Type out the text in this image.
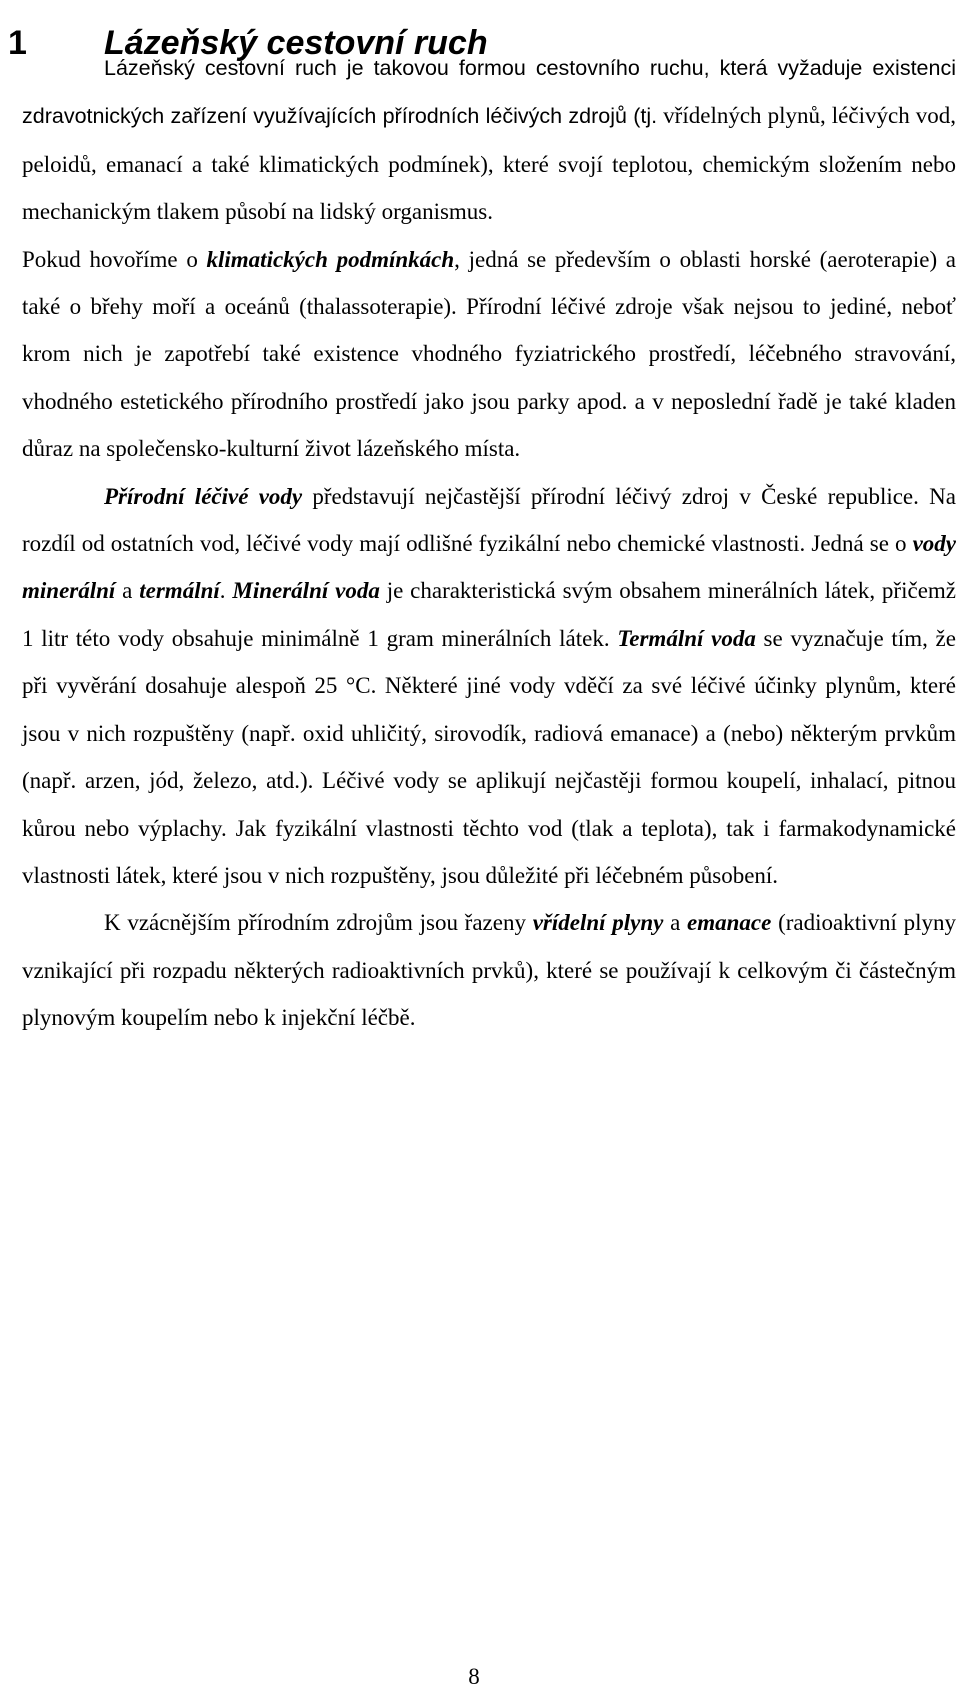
1 Lázeňský cestovní ruch

Lázeňský cestovní ruch je takovou formou cestovního ruchu, která vyžaduje existenci zdravotnických zařízení využívajících přírodních léčivých zdrojů (tj. vřídelných plynů, léčivých vod, peloidů, emanací a také klimatických podmínek), které svojí teplotou, chemickým složením nebo mechanickým tlakem působí na lidský organismus.

Pokud hovoříme o klimatických podmínkách, jedná se především o oblasti horské (aeroterapie) a také o břehy moří a oceánů (thalassoterapie). Přírodní léčivé zdroje však nejsou to jediné, neboť krom nich je zapotřebí také existence vhodného fyziatrického prostředí, léčebného stravování, vhodného estetického přírodního prostředí jako jsou parky apod. a v neposlední řadě je také kladen důraz na společensko-kulturní život lázeňského místa.

Přírodní léčivé vody představují nejčastější přírodní léčivý zdroj v České republice. Na rozdíl od ostatních vod, léčivé vody mají odlišné fyzikální nebo chemické vlastnosti. Jedná se o vody minerální a termální. Minerální voda je charakteristická svým obsahem minerálních látek, přičemž 1 litr této vody obsahuje minimálně 1 gram minerálních látek. Termální voda se vyznačuje tím, že při vyvěrání dosahuje alespoň 25 °C. Některé jiné vody vděčí za své léčivé účinky plynům, které jsou v nich rozpuštěny (např. oxid uhličitý, sirovodík, radiová emanace) a (nebo) některým prvkům (např. arzen, jód, železo, atd.). Léčivé vody se aplikují nejčastěji formou koupelí, inhalací, pitnou kůrou nebo výplachy. Jak fyzikální vlastnosti těchto vod (tlak a teplota), tak i farmakodynamické vlastnosti látek, které jsou v nich rozpuštěny, jsou důležité při léčebném působení.

K vzácnějším přírodním zdrojům jsou řazeny vřídelní plyny a emanace (radioaktivní plyny vznikající při rozpadu některých radioaktivních prvků), které se používají k celkovým či částečným plynovým koupelím nebo k injekční léčbě.

8
